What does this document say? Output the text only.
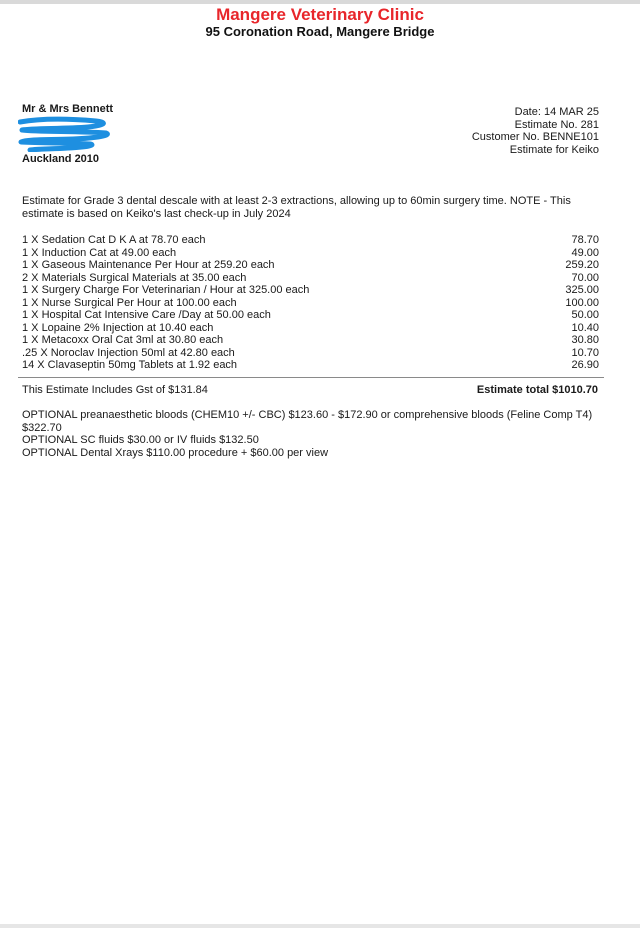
Mangere Veterinary Clinic
95 Coronation Road, Mangere Bridge
Mr & Mrs Bennett
Auckland 2010
Date: 14 MAR 25
Estimate No. 281
Customer No. BENNE101
Estimate for Keiko
Estimate for Grade 3 dental descale with at least 2-3 extractions, allowing up to 60min surgery time. NOTE - This estimate is based on Keiko's last check-up in July 2024
1 X Sedation Cat D K A at 78.70 each	78.70
1 X Induction Cat at 49.00 each	49.00
1 X Gaseous Maintenance Per Hour at 259.20 each	259.20
2 X Materials Surgical Materials at 35.00 each	70.00
1 X Surgery Charge For Veterinarian / Hour at 325.00 each	325.00
1 X Nurse Surgical Per Hour at 100.00 each	100.00
1 X Hospital Cat Intensive Care /Day at 50.00 each	50.00
1 X Lopaine 2% Injection at 10.40 each	10.40
1 X Metacoxx Oral Cat 3ml at 30.80 each	30.80
.25 X Noroclav Injection 50ml at 42.80 each	10.70
14 X Clavaseptin 50mg Tablets at 1.92 each	26.90
This Estimate Includes Gst of $131.84	Estimate total $1010.70
OPTIONAL preanaesthetic bloods (CHEM10 +/- CBC) $123.60 - $172.90 or comprehensive bloods (Feline Comp T4) $322.70
OPTIONAL SC fluids $30.00 or IV fluids $132.50
OPTIONAL Dental Xrays $110.00 procedure + $60.00 per view
